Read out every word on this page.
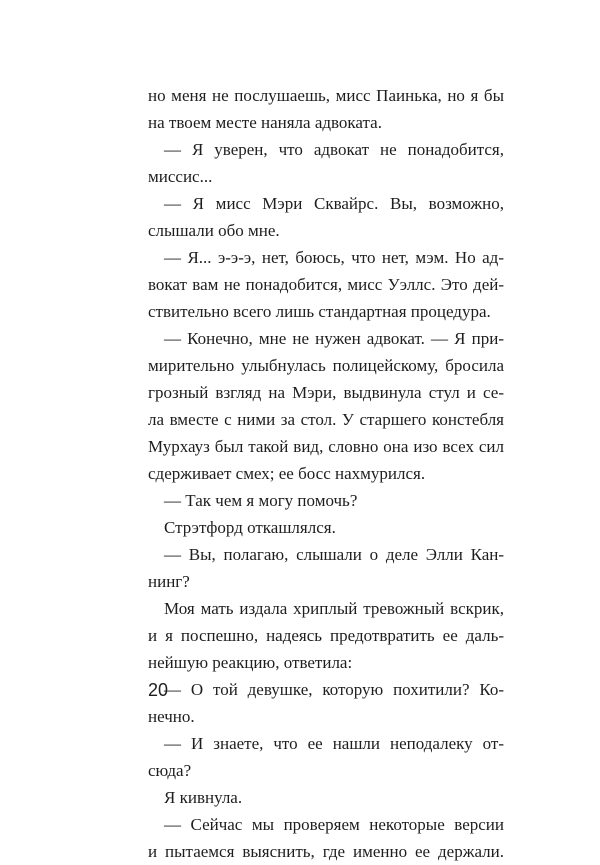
но меня не послушаешь, мисс Паинька, но я бы
на твоем месте наняла адвоката.
— Я уверен, что адвокат не понадобится,
миссис...
— Я мисс Мэри Сквайрс. Вы, возможно,
слышали обо мне.
— Я... э-э-э, нет, боюсь, что нет, мэм. Но ад-
вокат вам не понадобится, мисс Уэллс. Это дей-
ствительно всего лишь стандартная процедура.
— Конечно, мне не нужен адвокат. — Я при-
мирительно улыбнулась полицейскому, бросила
грозный взгляд на Мэри, выдвинула стул и се-
ла вместе с ними за стол. У старшего констебля
Мурхауз был такой вид, словно она изо всех сил
сдерживает смех; ее босс нахмурился.
— Так чем я могу помочь?
Стрэтфорд откашлялся.
— Вы, полагаю, слышали о деле Элли Кан-
нинг?
Моя мать издала хриплый тревожный вскрик,
и я поспешно, надеясь предотвратить ее даль-
нейшую реакцию, ответила:
— О той девушке, которую похитили? Ко-
нечно.
— И знаете, что ее нашли неподалеку от-
сюда?
Я кивнула.
— Сейчас мы проверяем некоторые версии
и пытаемся выяснить, где именно ее держали.
20
